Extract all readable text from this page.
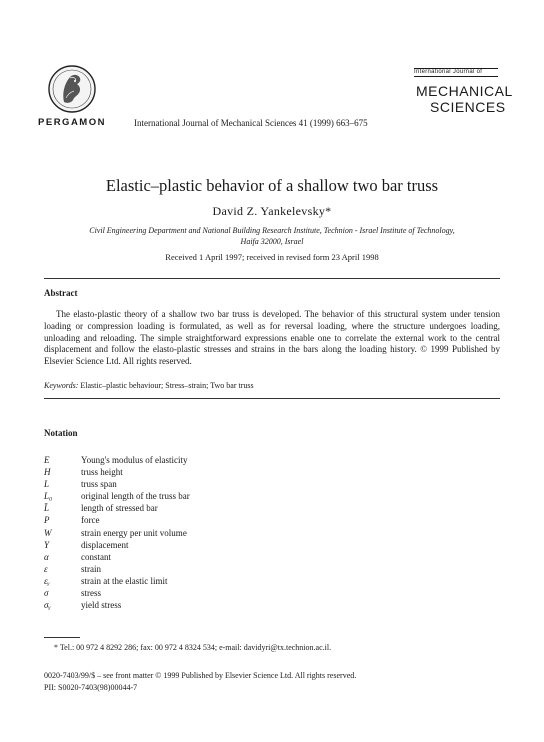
PERGAMON	International Journal of Mechanical Sciences 41 (1999) 663–675
International Journal of
MECHANICAL
SCIENCES
Elastic–plastic behavior of a shallow two bar truss
David Z. Yankelevsky*
Civil Engineering Department and National Building Research Institute, Technion - Israel Institute of Technology,
Haifa 32000, Israel
Received 1 April 1997; received in revised form 23 April 1998
Abstract
The elasto-plastic theory of a shallow two bar truss is developed. The behavior of this structural system under tension loading or compression loading is formulated, as well as for reversal loading, where the structure undergoes loading, unloading and reloading. The simple straightforward expressions enable one to correlate the external work to the central displacement and follow the elasto-plastic stresses and strains in the bars along the loading history. © 1999 Published by Elsevier Science Ltd. All rights reserved.
Keywords: Elastic–plastic behaviour; Stress–strain; Two bar truss
Notation
E	Young's modulus of elasticity
H	truss height
L	truss span
L₀	original length of the truss bar
L̄	length of stressed bar
P	force
W	strain energy per unit volume
Y	displacement
α	constant
ε	strain
εᵧ	strain at the elastic limit
σ	stress
σᵧ	yield stress
* Tel.: 00 972 4 8292 286; fax: 00 972 4 8324 534; e-mail: davidyri@tx.technion.ac.il.
0020-7403/99/$ – see front matter © 1999 Published by Elsevier Science Ltd. All rights reserved.
PII: S0020-7403(98)00044-7
